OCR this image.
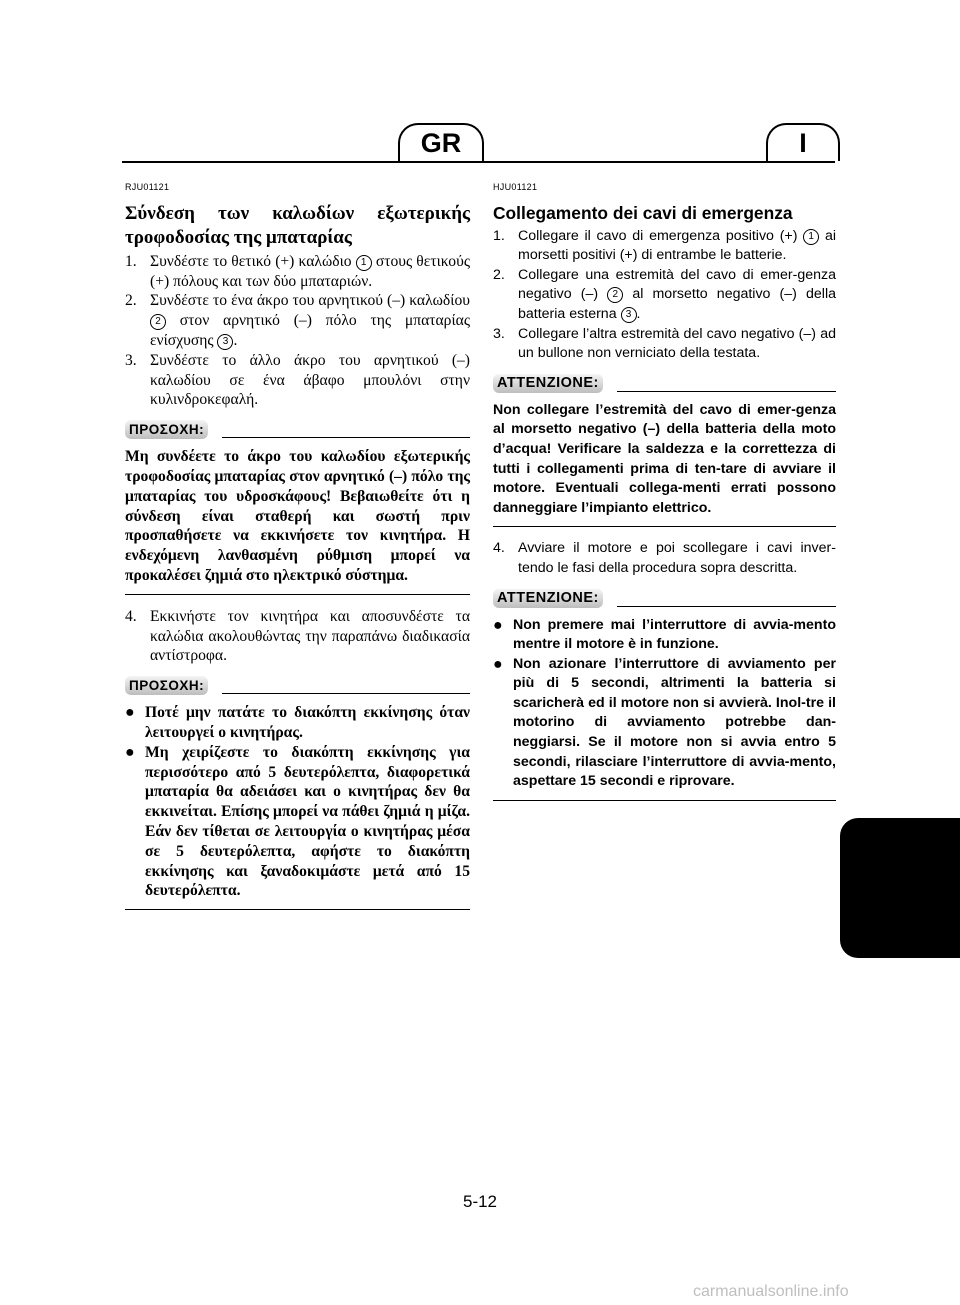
GR	I
RJU01121
Σύνδεση των καλωδίων εξωτερικής τροφοδοσίας της μπαταρίας
1. Συνδέστε το θετικό (+) καλώδιο 1 στους θετικούς (+) πόλους και των δύο μπαταριών.
2. Συνδέστε το ένα άκρο του αρνητικού (–) καλωδίου 2 στον αρνητικό (–) πόλο της μπαταρίας ενίσχυσης 3 .
3. Συνδέστε το άλλο άκρο του αρνητικού (–) καλωδίου σε ένα άβαφο μπουλόνι στην κυλινδροκεφαλή.
ΠΡΟΣΟΧΗ:
Μη συνδέετε το άκρο του καλωδίου εξωτερικής τροφοδοσίας μπαταρίας στον αρνητικό (–) πόλο της μπαταρίας του υδροσκάφους! Βεβαιωθείτε ότι η σύνδεση είναι σταθερή και σωστή πριν προσπαθήσετε να εκκινήσετε τον κινητήρα. Η ενδεχόμενη λανθασμένη ρύθμιση μπορεί να προκαλέσει ζημιά στο ηλεκτρικό σύστημα.
4. Εκκινήστε τον κινητήρα και αποσυνδέστε τα καλώδια ακολουθώντας την παραπάνω διαδικασία αντίστροφα.
ΠΡΟΣΟΧΗ:
● Ποτέ μην πατάτε το διακόπτη εκκίνησης όταν λειτουργεί ο κινητήρας.
● Μη χειρίζεστε το διακόπτη εκκίνησης για περισσότερο από 5 δευτερόλεπτα, διαφορετικά μπαταρία θα αδειάσει και ο κινητήρας δεν θα εκκινείται. Επίσης μπορεί να πάθει ζημιά η μίζα. Εάν δεν τίθεται σε λειτουργία ο κινητήρας μέσα σε 5 δευτερόλεπτα, αφήστε το διακόπτη εκκίνησης και ξαναδοκιμάστε μετά από 15 δευτερόλεπτα.
HJU01121
Collegamento dei cavi di emergenza
1. Collegare il cavo di emergenza positivo (+) 1 ai morsetti positivi (+) di entrambe le batterie.
2. Collegare una estremità del cavo di emer-genza negativo (–) 2 al morsetto negativo (–) della batteria esterna 3 .
3. Collegare l’altra estremità del cavo negativo (–) ad un bullone non verniciato della testata.
ATTENZIONE:
Non collegare l’estremità del cavo di emer-genza al morsetto negativo (–) della batteria della moto d’acqua! Verificare la saldezza e la correttezza di tutti i collegamenti prima di ten-tare di avviare il motore. Eventuali collega-menti errati possono danneggiare l’impianto elettrico.
4. Avviare il motore e poi scollegare i cavi inver-tendo le fasi della procedura sopra descritta.
ATTENZIONE:
● Non premere mai l’interruttore di avvia-mento mentre il motore è in funzione.
● Non azionare l’interruttore di avviamento per più di 5 secondi, altrimenti la batteria si scaricherà ed il motore non si avvierà. Inol-tre il motorino di avviamento potrebbe dan-neggiarsi. Se il motore non si avvia entro 5 secondi, rilasciare l’interruttore di avvia-mento, aspettare 15 secondi e riprovare.
5-12
carmanualsonline.info
